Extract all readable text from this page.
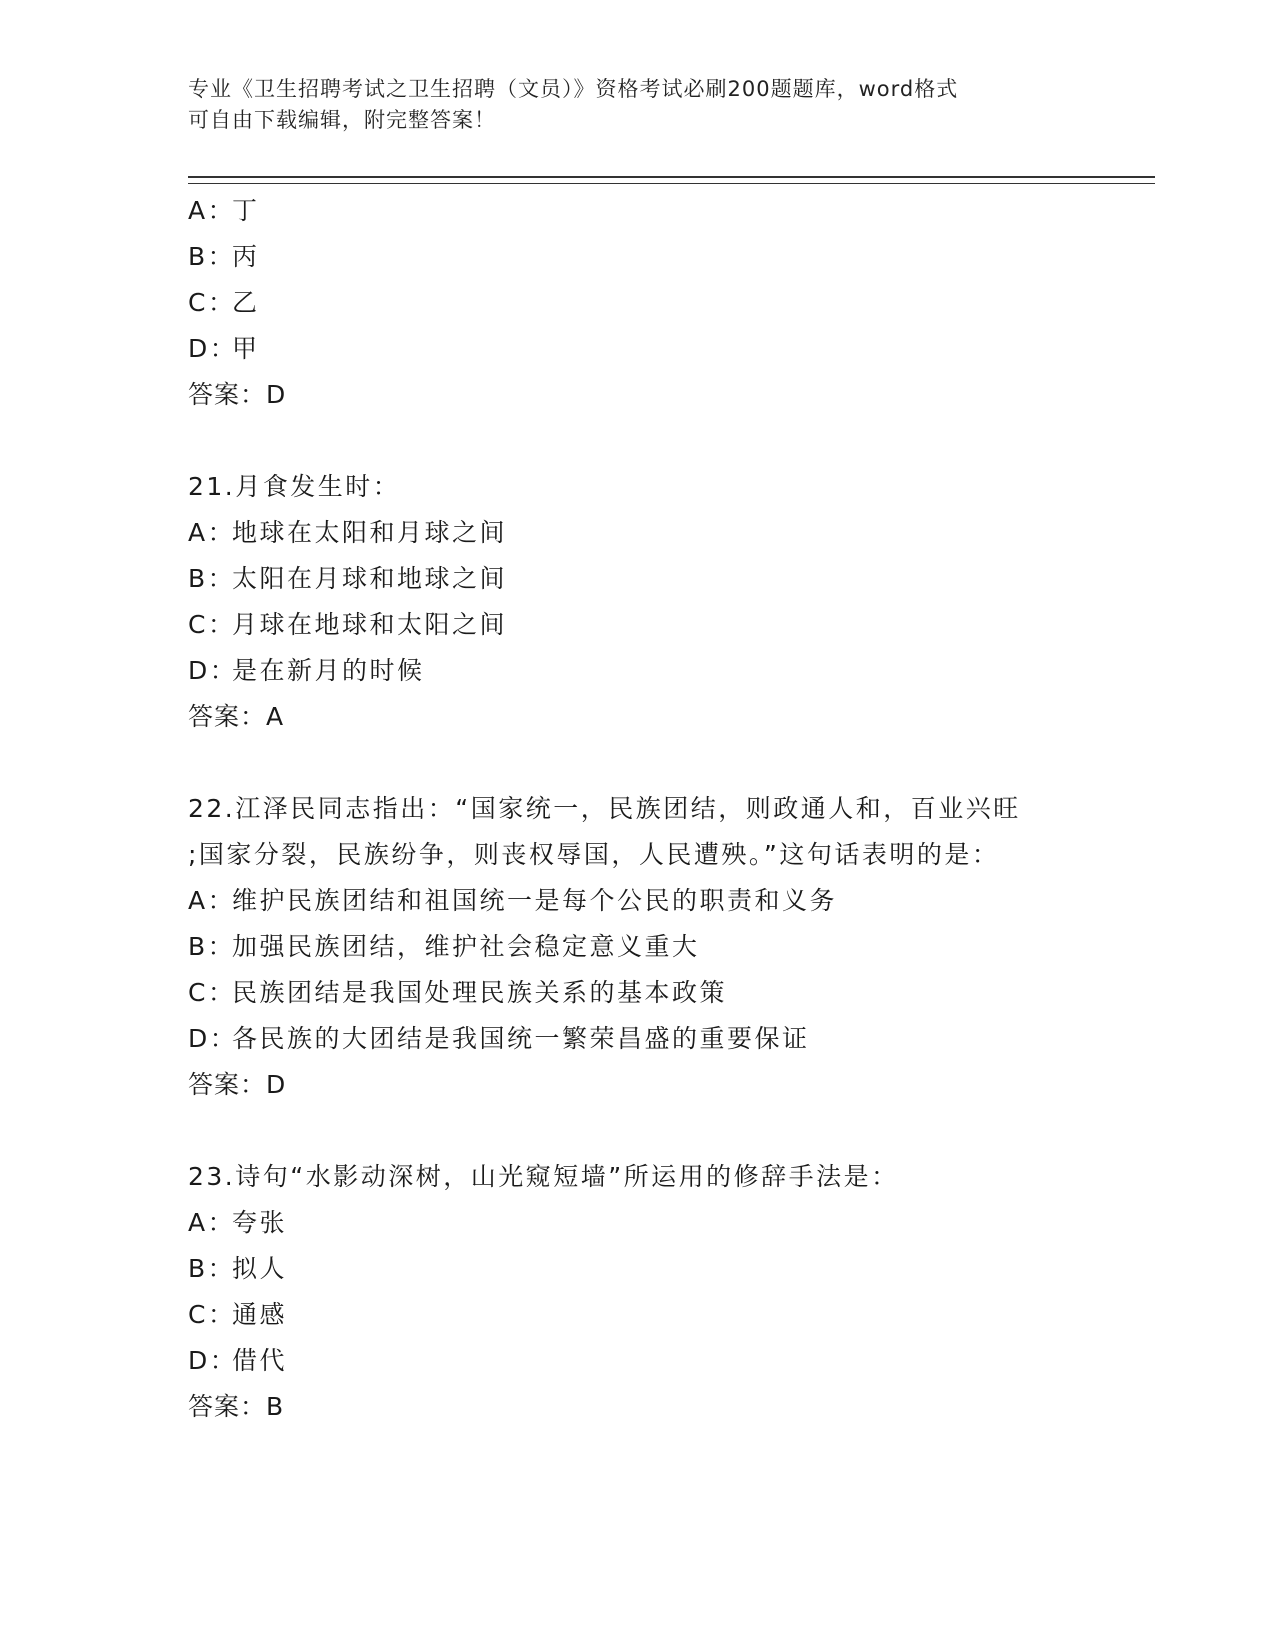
专业《卫生招聘考试之卫生招聘（文员）》资格考试必刷200题题库，word格式

可自由下载编辑，附完整答案！

A：丁
B：丙
C：乙
D：甲
答案：D
21.月食发生时：
A：地球在太阳和月球之间
B：太阳在月球和地球之间
C：月球在地球和太阳之间
D：是在新月的时候
答案：A
22.江泽民同志指出：“国家统一，民族团结，则政通人和，百业兴旺
;国家分裂，民族纷争，则丧权辱国，人民遭殃。”这句话表明的是：
A：维护民族团结和祖国统一是每个公民的职责和义务
B：加强民族团结，维护社会稳定意义重大
C：民族团结是我国处理民族关系的基本政策
D：各民族的大团结是我国统一繁荣昌盛的重要保证
答案：D
23.诗句“水影动深树，山光窥短墙”所运用的修辞手法是：
A：夸张
B：拟人
C：通感
D：借代
答案：B
